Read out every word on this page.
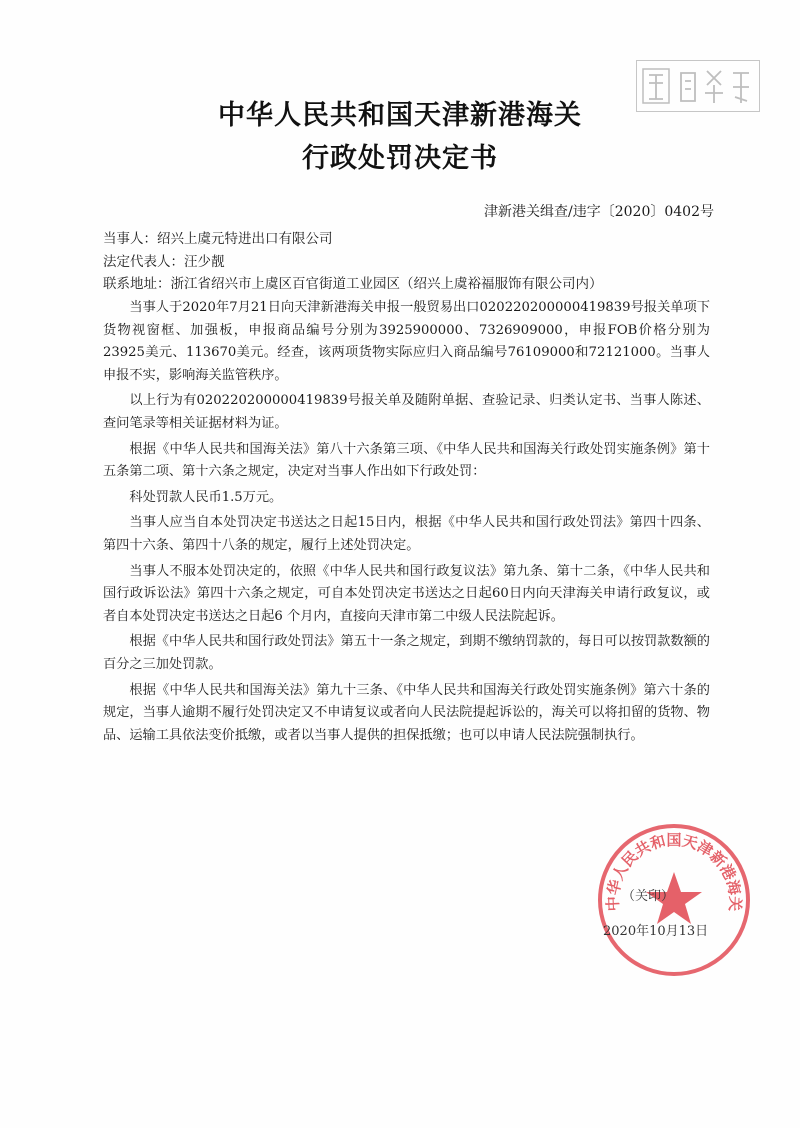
中华人民共和国天津新港海关
行政处罚决定书
津新港关缉查/违字〔2020〕0402号
当事人：绍兴上虞元特进出口有限公司
法定代表人：汪少靓
联系地址：浙江省绍兴市上虞区百官街道工业园区（绍兴上虞裕福服饰有限公司内）

当事人于2020年7月21日向天津新港海关申报一般贸易出口020220200000419839号报关单项下货物视窗框、加强板，申报商品编号分别为3925900000、7326909000，申报FOB价格分别为23925美元、113670美元。经查，该两项货物实际应归入商品编号76109000和72121000。当事人申报不实，影响海关监管秩序。

以上行为有020220200000419839号报关单及随附单据、查验记录、归类认定书、当事人陈述、查问笔录等相关证据材料为证。

根据《中华人民共和国海关法》第八十六条第三项、《中华人民共和国海关行政处罚实施条例》第十五条第二项、第十六条之规定，决定对当事人作出如下行政处罚：

科处罚款人民币1.5万元。

当事人应当自本处罚决定书送达之日起15日内，根据《中华人民共和国行政处罚法》第四十四条、第四十六条、第四十八条的规定，履行上述处罚决定。

当事人不服本处罚决定的，依照《中华人民共和国行政复议法》第九条、第十二条，《中华人民共和国行政诉讼法》第四十六条之规定，可自本处罚决定书送达之日起60日内向天津海关申请行政复议，或者自本处罚决定书送达之日起6 个月内，直接向天津市第二中级人民法院起诉。

根据《中华人民共和国行政处罚法》第五十一条之规定，到期不缴纳罚款的，每日可以按罚款数额的百分之三加处罚款。

根据《中华人民共和国海关法》第九十三条、《中华人民共和国海关行政处罚实施条例》第六十条的规定，当事人逾期不履行处罚决定又不申请复议或者向人民法院提起诉讼的，海关可以将扣留的货物、物品、运输工具依法变价抵缴，或者以当事人提供的担保抵缴；也可以申请人民法院强制执行。

中华人民共和国天津新港海关
（关印）
2020年10月13日
